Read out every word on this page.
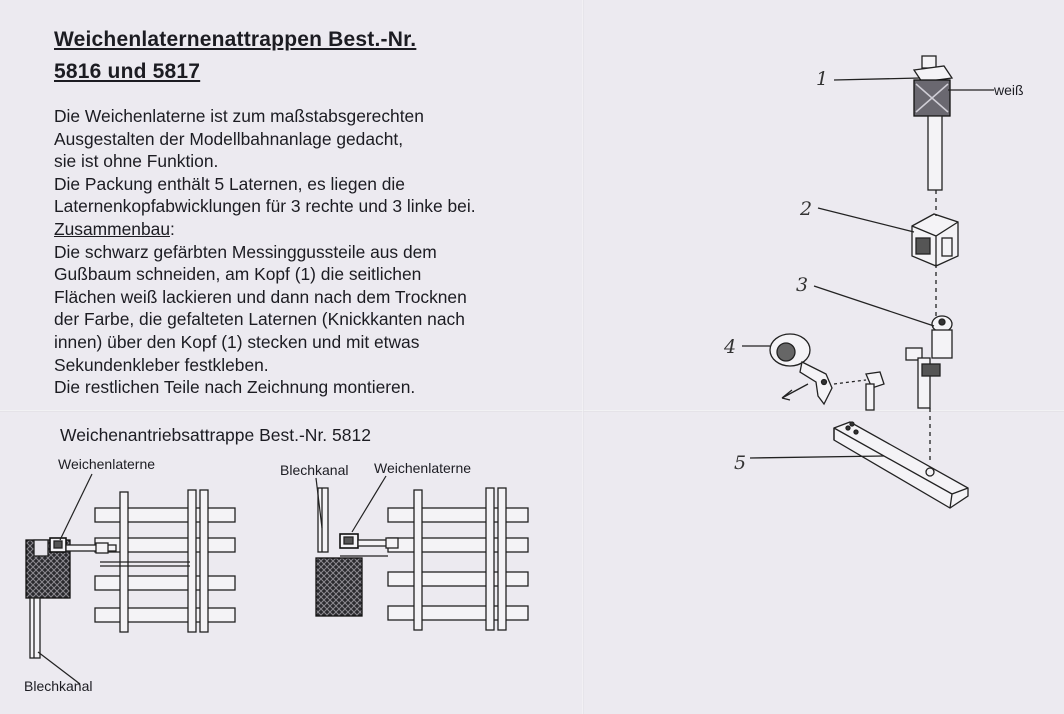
Weichenlaternenattrappen Best.-Nr.
5816 und 5817
Die Weichenlaterne ist zum maßstabsgerechten
Ausgestalten der Modellbahnanlage gedacht,
sie ist ohne Funktion.
Die Packung enthält 5 Laternen, es liegen die
Laternenkopfabwicklungen für 3 rechte und 3 linke bei.
Zusammenbau:
Die schwarz gefärbten Messinggussteile aus dem
Gußbaum schneiden, am Kopf (1) die seitlichen
Flächen weiß lackieren und dann nach dem Trocknen
der Farbe, die gefalteten Laternen (Knickkanten nach
innen) über den Kopf (1) stecken und mit etwas
Sekundenkleber festkleben.
Die restlichen Teile nach Zeichnung montieren.

Weichenantriebsattrappe Best.-Nr. 5812

Weichenlaterne
Blechkanal
Blechkanal Weichenlaterne
1	weiß
2
3
4
5
